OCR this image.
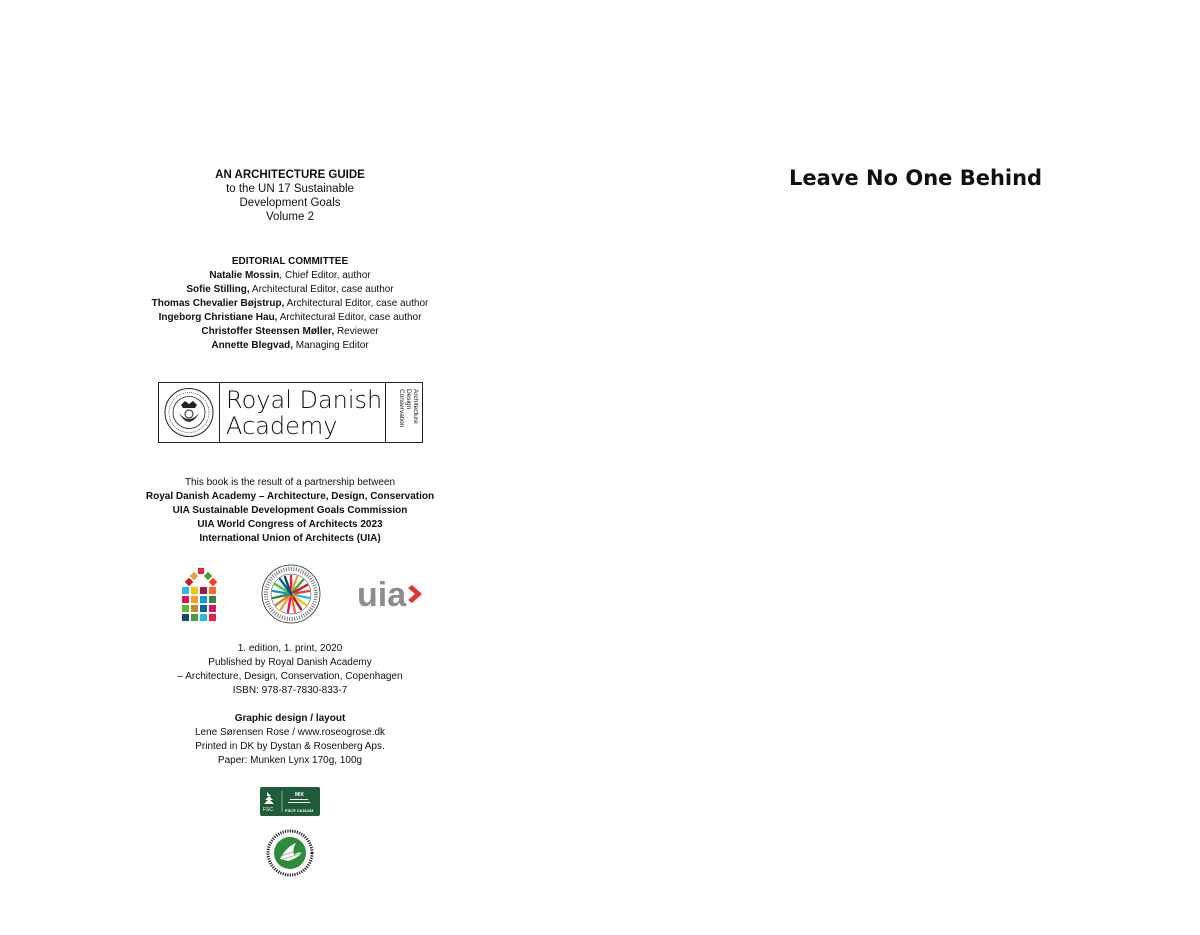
AN ARCHITECTURE GUIDE
to the UN 17 Sustainable
Development Goals
Volume 2
EDITORIAL COMMITTEE
Natalie Mossin, Chief Editor, author
Sofie Stilling, Architectural Editor, case author
Thomas Chevalier Bøjstrup, Architectural Editor, case author
Ingeborg Christiane Hau, Architectural Editor, case author
Christoffer Steensen Møller, Reviewer
Annette Blegvad, Managing Editor
Royal Danish
Academy
Architecture
Design
Conservation
This book is the result of a partnership between
Royal Danish Academy – Architecture, Design, Conservation
UIA Sustainable Development Goals Commission
UIA World Congress of Architects 2023
International Union of Architects (UIA)
uia
1. edition, 1. print, 2020
Published by Royal Danish Academy
– Architecture, Design, Conservation, Copenhagen
ISBN: 978-87-7830-833-7
Graphic design / layout
Lene Sørensen Rose / www.roseogrose.dk
Printed in DK by Dystan & Rosenberg Aps.
Paper: Munken Lynx 170g, 100g
FSC
MIX
FSC® C016433
Leave No One Behind
